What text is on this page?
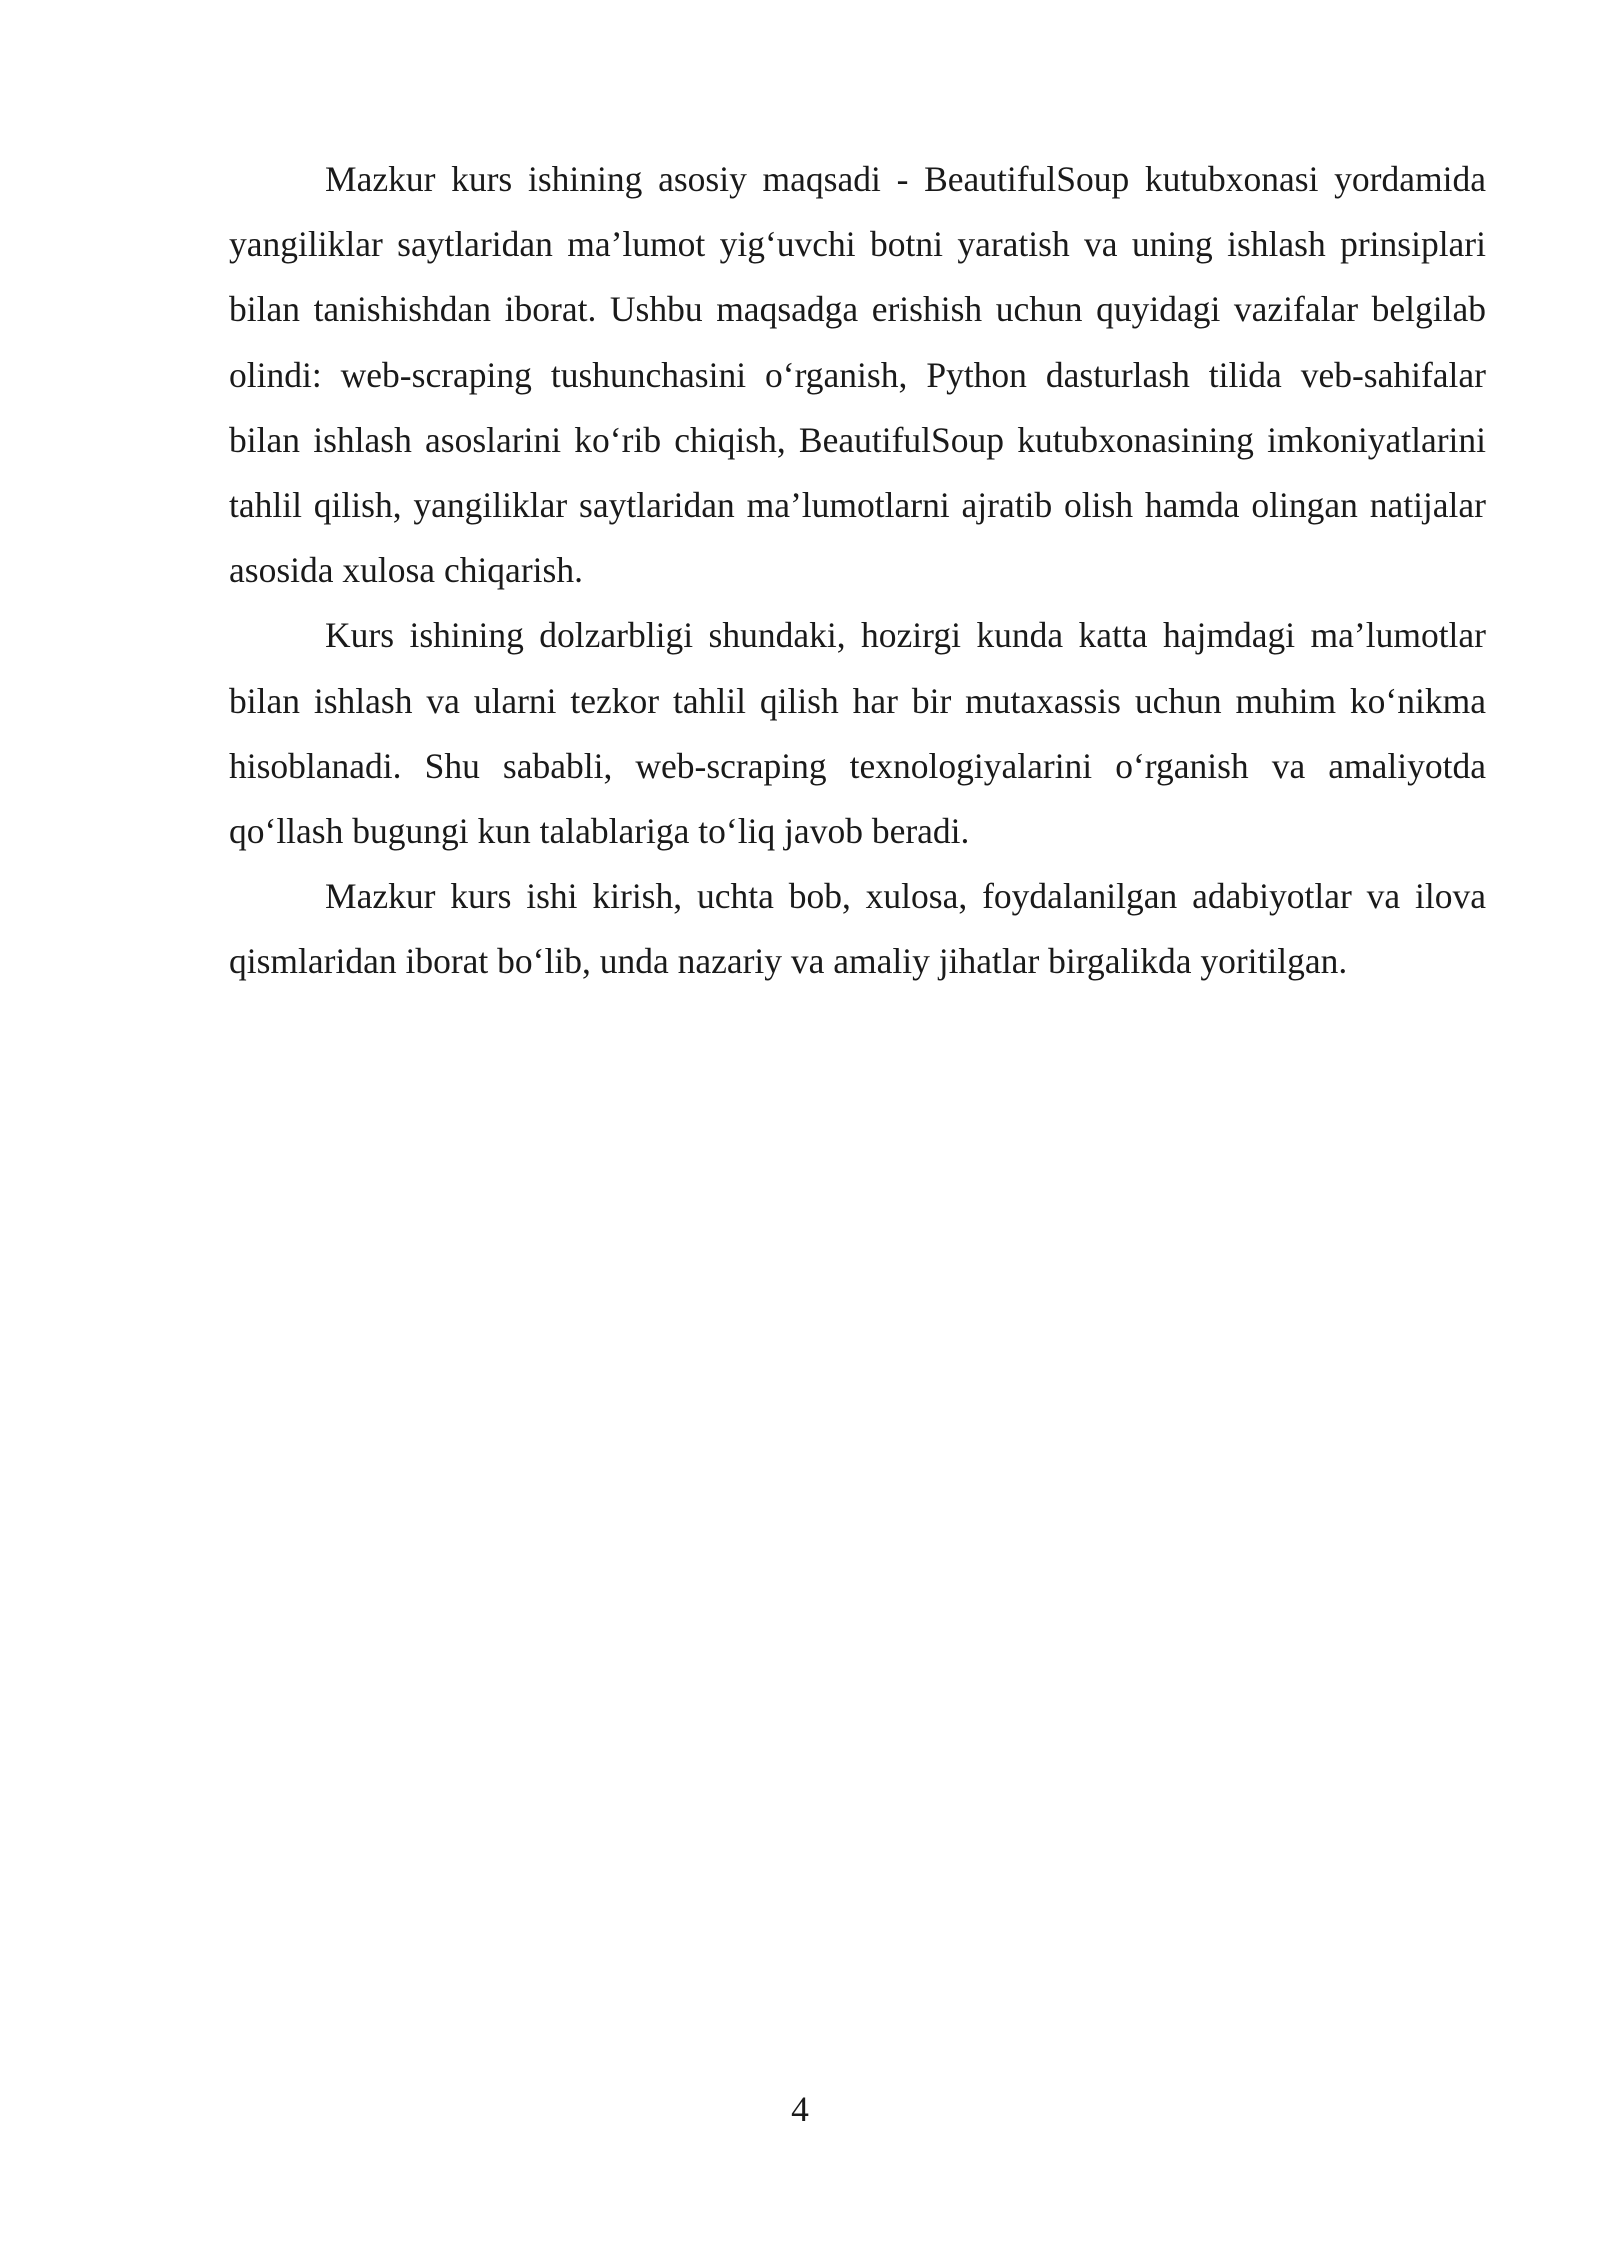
Mazkur kurs ishining asosiy maqsadi - BeautifulSoup kutubxonasi yordamida yangiliklar saytlaridan ma’lumot yig‘uvchi botni yaratish va uning ishlash prinsiplari bilan tanishishdan iborat. Ushbu maqsadga erishish uchun quyidagi vazifalar belgilab olindi: web-scraping tushunchasini o‘rganish, Python dasturlash tilida veb-sahifalar bilan ishlash asoslarini ko‘rib chiqish, BeautifulSoup kutubxonasining imkoniyatlarini tahlil qilish, yangiliklar saytlaridan ma’lumotlarni ajratib olish hamda olingan natijalar asosida xulosa chiqarish.

Kurs ishining dolzarbligi shundaki, hozirgi kunda katta hajmdagi ma’lumotlar bilan ishlash va ularni tezkor tahlil qilish har bir mutaxassis uchun muhim ko‘nikma hisoblanadi. Shu sababli, web-scraping texnologiyalarini o‘rganish va amaliyotda qo‘llash bugungi kun talablariga to‘liq javob beradi.

Mazkur kurs ishi kirish, uchta bob, xulosa, foydalanilgan adabiyotlar va ilova qismlaridan iborat bo‘lib, unda nazariy va amaliy jihatlar birgalikda yoritilgan.

4
